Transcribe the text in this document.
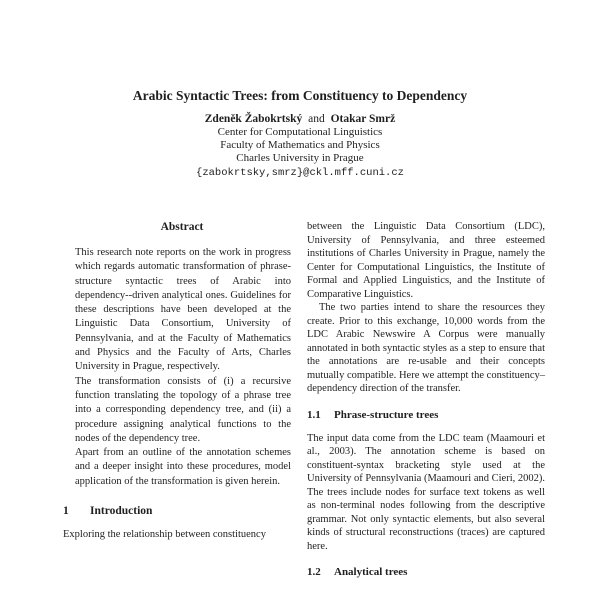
Arabic Syntactic Trees: from Constituency to Dependency
Zdeněk Žabokrtský and Otakar Smrž
Center for Computational Linguistics
Faculty of Mathematics and Physics
Charles University in Prague
{zabokrtsky,smrz}@ckl.mff.cuni.cz
Abstract

This research note reports on the work in progress which regards automatic transformation of phrase-structure syntactic trees of Arabic into dependency--driven analytical ones. Guidelines for these descriptions have been developed at the Linguistic Data Consortium, University of Pennsylvania, and at the Faculty of Mathematics and Physics and the Faculty of Arts, Charles University in Prague, respectively.

The transformation consists of (i) a recursive function translating the topology of a phrase tree into a corresponding dependency tree, and (ii) a procedure assigning analytical functions to the nodes of the dependency tree.

Apart from an outline of the annotation schemes and a deeper insight into these procedures, model application of the transformation is given herein.

1 Introduction

Exploring the relationship between constituency

between the Linguistic Data Consortium (LDC), University of Pennsylvania, and three esteemed institutions of Charles University in Prague, namely the Center for Computational Linguistics, the Institute of Formal and Applied Linguistics, and the Institute of Comparative Linguistics.

The two parties intend to share the resources they create. Prior to this exchange, 10,000 words from the LDC Arabic Newswire A Corpus were manually annotated in both syntactic styles as a step to ensure that the annotations are re-usable and their concepts mutually compatible. Here we attempt the constituency–dependency direction of the transfer.

1.1 Phrase-structure trees

The input data come from the LDC team (Maamouri et al., 2003). The annotation scheme is based on constituent-syntax bracketing style used at the University of Pennsylvania (Maamouri and Cieri, 2002). The trees include nodes for surface text tokens as well as non-terminal nodes following from the descriptive grammar. Not only syntactic elements, but also several kinds of structural reconstructions (traces) are captured here.

1.2 Analytical trees
